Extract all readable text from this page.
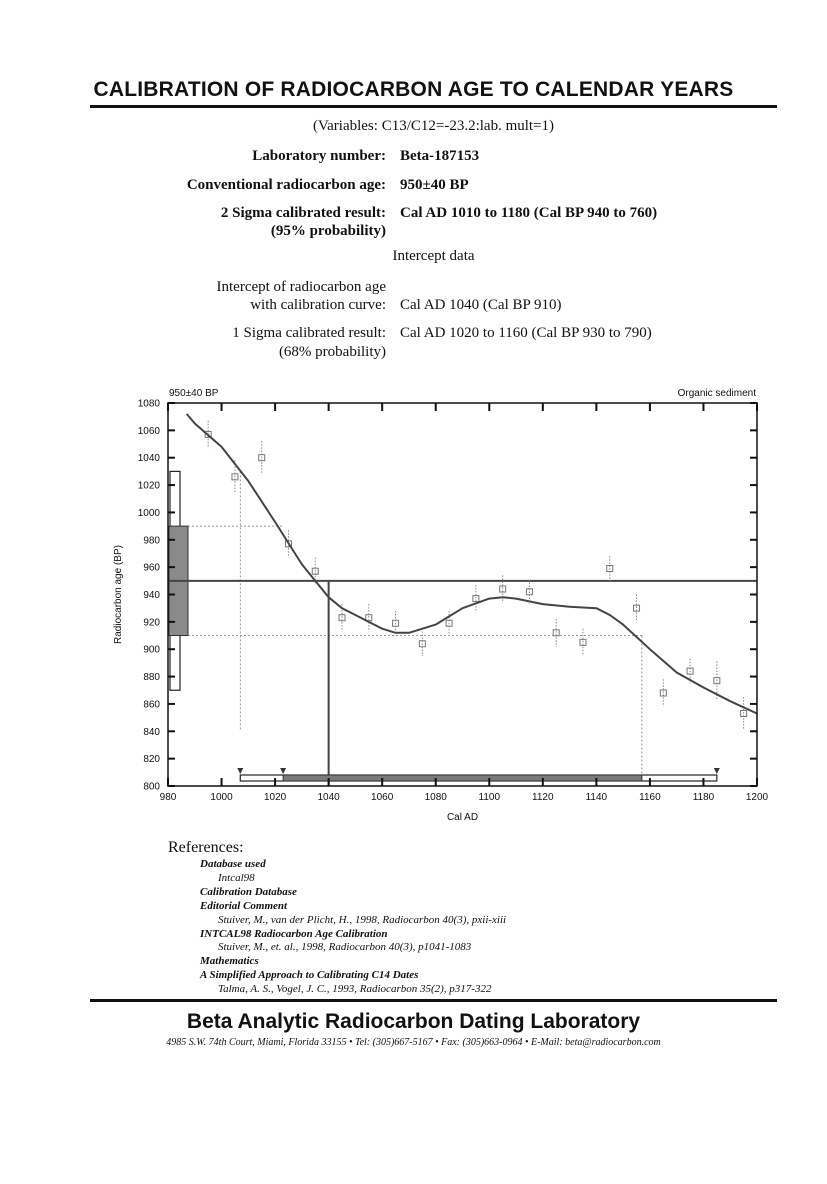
CALIBRATION OF RADIOCARBON AGE TO CALENDAR YEARS
(Variables: C13/C12=-23.2:lab. mult=1)
Laboratory number: Beta-187153
Conventional radiocarbon age: 950±40 BP
2 Sigma calibrated result:
(95% probability)
Cal AD 1010 to 1180 (Cal BP 940 to 760)
Intercept data
Intercept of radiocarbon age
with calibration curve: Cal AD 1040 (Cal BP 910)
1 Sigma calibrated result:
(68% probability)
Cal AD 1020 to 1160 (Cal BP 930 to 790)
800
820
840
860
880
900
920
940
960
980
1000
1020
1040
1060
1080
980	1000	1020	1040	1060	1080	1100	1120	1140	1160	1180	1200
950±40 BP	Organic sediment
Cal AD
Radiocarbon age (BP)
References:
Database used
Intcal98
Calibration Database
Editorial Comment
Stuiver, M., van der Plicht, H., 1998, Radiocarbon 40(3), pxii-xiii
INTCAL98 Radiocarbon Age Calibration
Stuiver, M., et. al., 1998, Radiocarbon 40(3), p1041-1083
Mathematics
A Simplified Approach to Calibrating C14 Dates
Talma, A. S., Vogel, J. C., 1993, Radiocarbon 35(2), p317-322
Beta Analytic Radiocarbon Dating Laboratory
4985 S.W. 74th Court, Miami, Florida 33155 • Tel: (305)667-5167 • Fax: (305)663-0964 • E-Mail: beta@radiocarbon.com
